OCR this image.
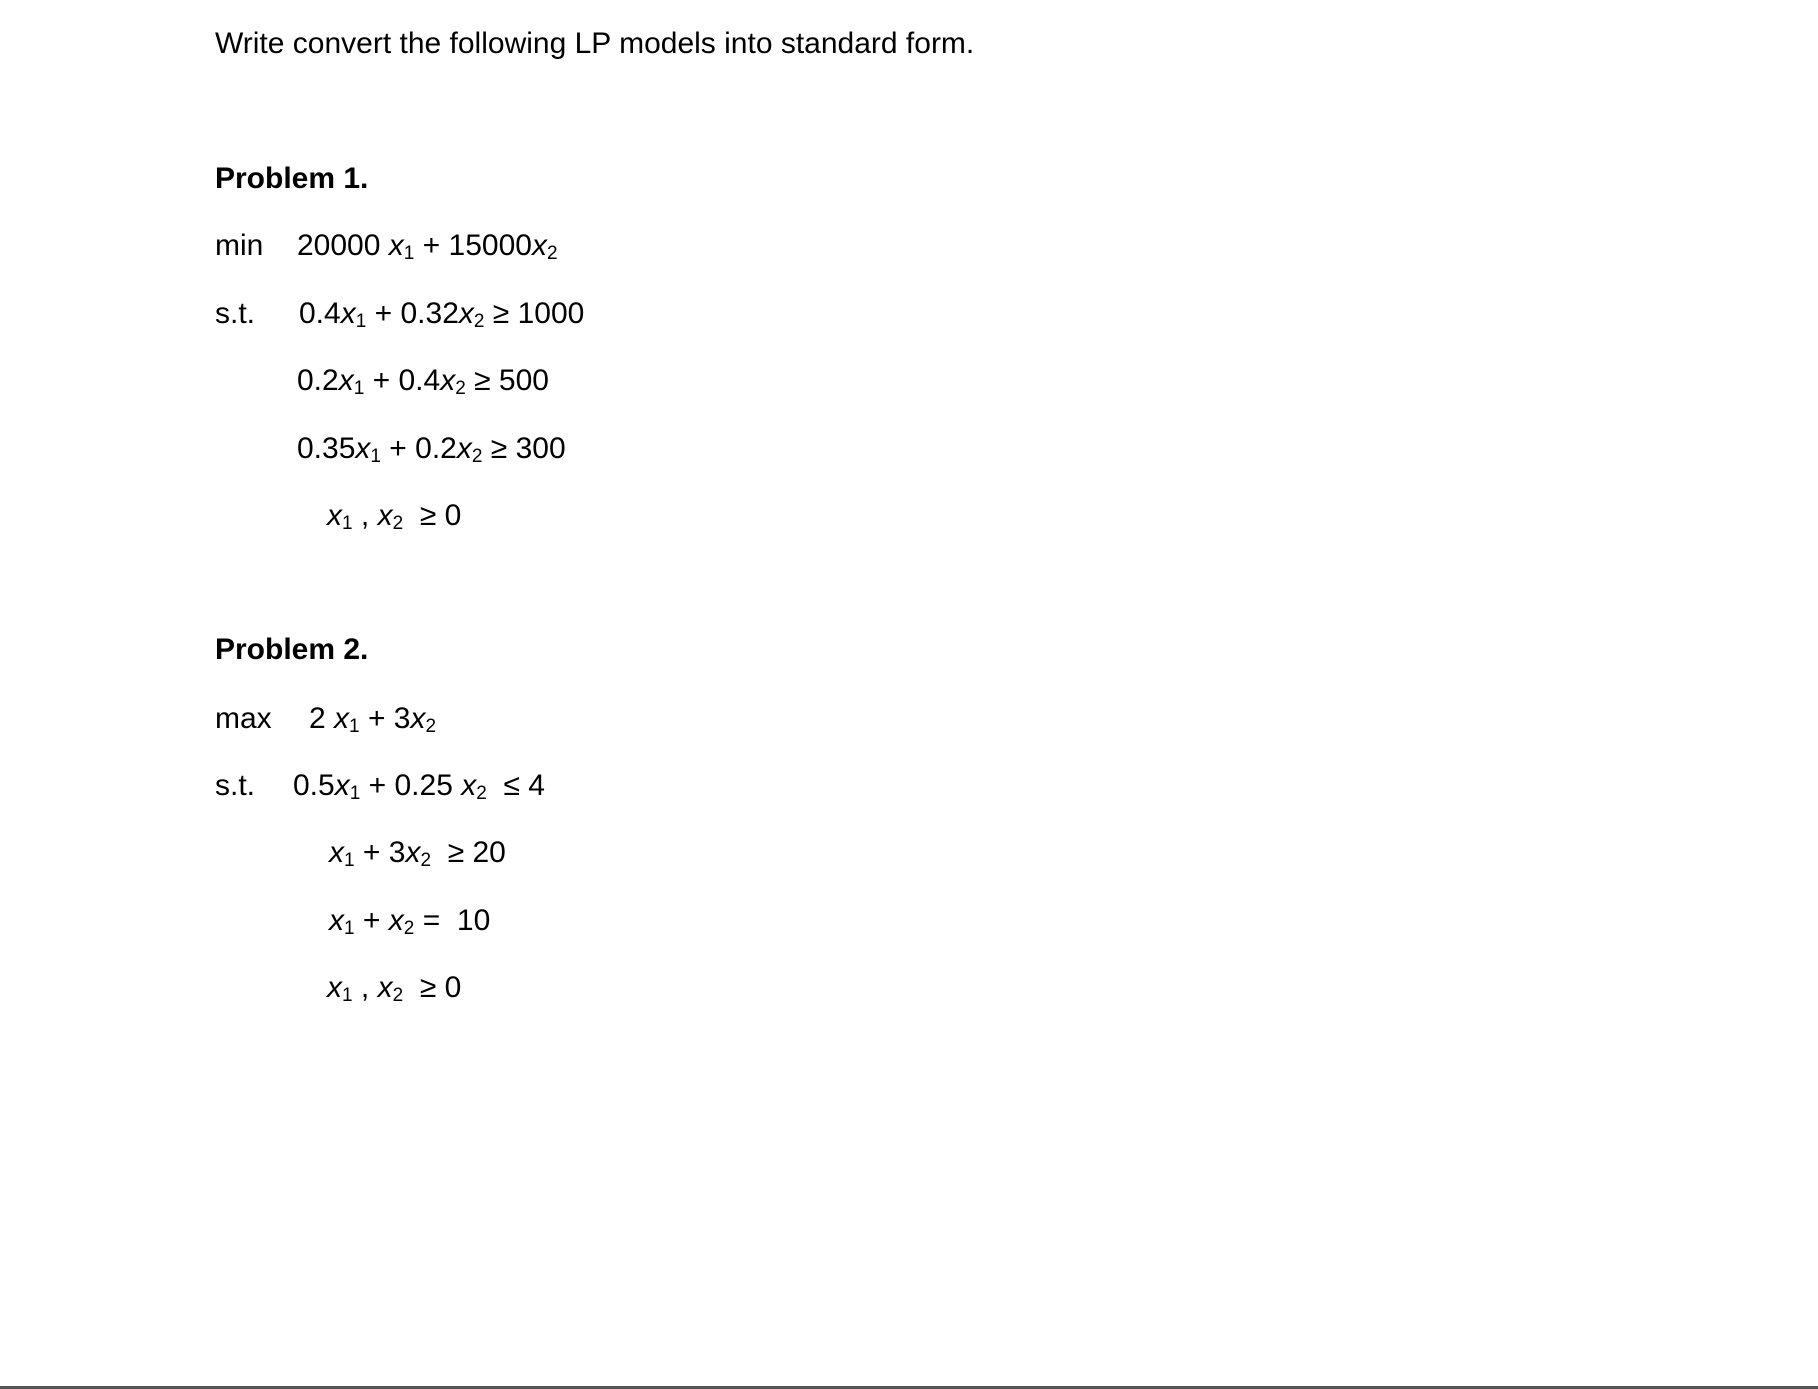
Write convert the following LP models into standard form.
Problem 1.
min 20000 $x_1 + 15000x_2$
s.t. $0.4x_1 + 0.32x_2 \ge 1000$
$0.2x_1 + 0.4x_2 \ge 500$
$0.35x_1 + 0.2x_2 \ge 300$
$x_1$ , $x_2 \ge 0$
Problem 2.
max 2 $x_1 + 3x_2$
s.t. $0.5x_1 + 0.25$ $x_2 \le 4$
$x_1 + 3x_2 \ge 20$
$x_1 + x_2 = 10$
$x_1$ , $x_2 \ge 0$
